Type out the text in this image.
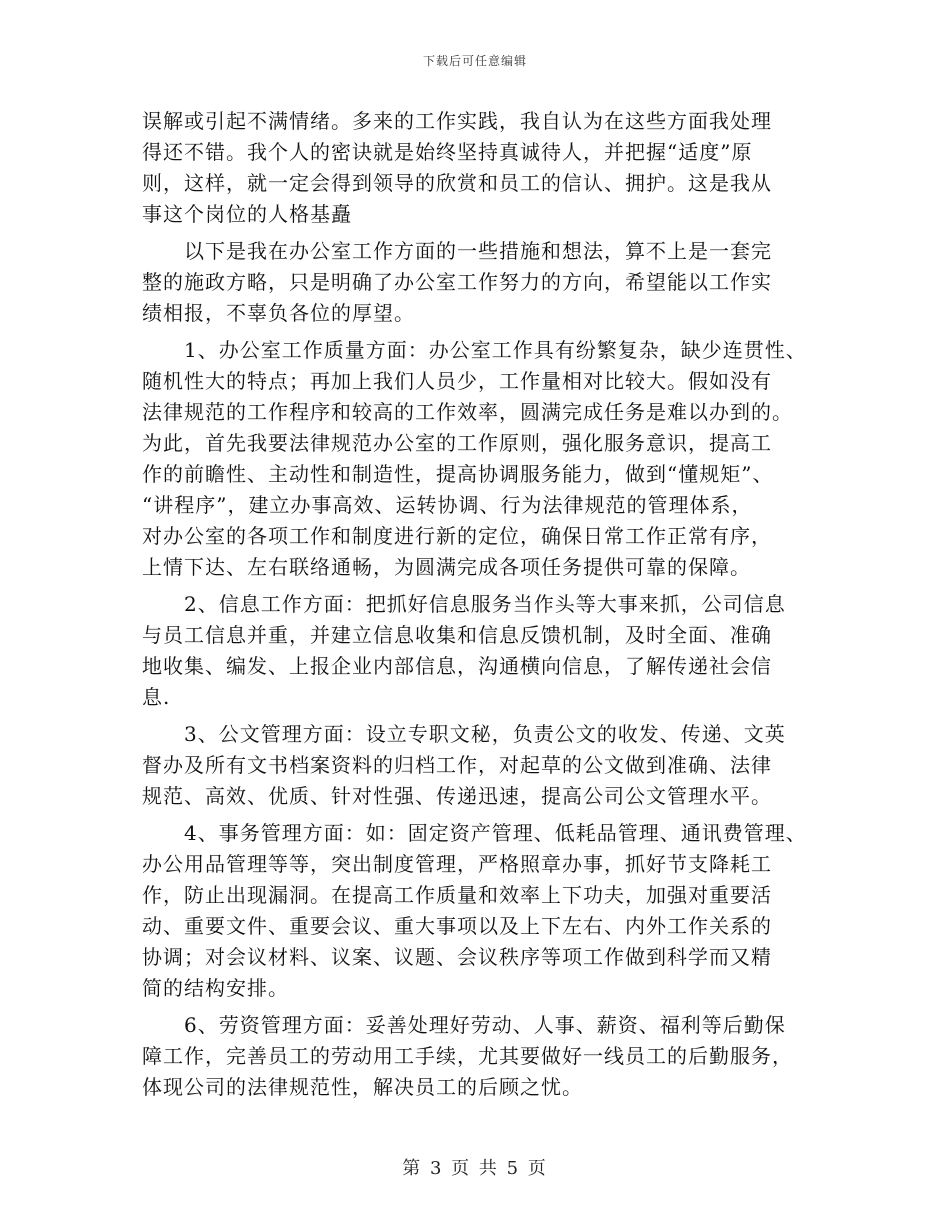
下载后可任意编辑
误解或引起不满情绪。多来的工作实践，我自认为在这些方面我处理
得还不错。我个人的密诀就是始终坚持真诚待人，并把握“适度”原
则，这样，就一定会得到领导的欣赏和员工的信认、拥护。这是我从
事这个岗位的人格基矗
以下是我在办公室工作方面的一些措施和想法，算不上是一套完
整的施政方略，只是明确了办公室工作努力的方向，希望能以工作实
绩相报，不辜负各位的厚望。
1、办公室工作质量方面：办公室工作具有纷繁复杂，缺少连贯性、
随机性大的特点；再加上我们人员少，工作量相对比较大。假如没有
法律规范的工作程序和较高的工作效率，圆满完成任务是难以办到的。
为此，首先我要法律规范办公室的工作原则，强化服务意识，提高工
作的前瞻性、主动性和制造性，提高协调服务能力，做到“懂规矩”、
“讲程序”，建立办事高效、运转协调、行为法律规范的管理体系，
对办公室的各项工作和制度进行新的定位，确保日常工作正常有序，
上情下达、左右联络通畅，为圆满完成各项任务提供可靠的保障。
2、信息工作方面：把抓好信息服务当作头等大事来抓，公司信息
与员工信息并重，并建立信息收集和信息反馈机制，及时全面、准确
地收集、编发、上报企业内部信息，沟通横向信息，了解传递社会信
息.
3、公文管理方面：设立专职文秘，负责公文的收发、传递、文英
督办及所有文书档案资料的归档工作，对起草的公文做到准确、法律
规范、高效、优质、针对性强、传递迅速，提高公司公文管理水平。
4、事务管理方面：如：固定资产管理、低耗品管理、通讯费管理、
办公用品管理等等，突出制度管理，严格照章办事，抓好节支降耗工
作，防止出现漏洞。在提高工作质量和效率上下功夫，加强对重要活
动、重要文件、重要会议、重大事项以及上下左右、内外工作关系的
协调；对会议材料、议案、议题、会议秩序等项工作做到科学而又精
简的结构安排。
6、劳资管理方面：妥善处理好劳动、人事、薪资、福利等后勤保
障工作，完善员工的劳动用工手续，尤其要做好一线员工的后勤服务，
体现公司的法律规范性，解决员工的后顾之忧。
第 3 页 共 5 页
